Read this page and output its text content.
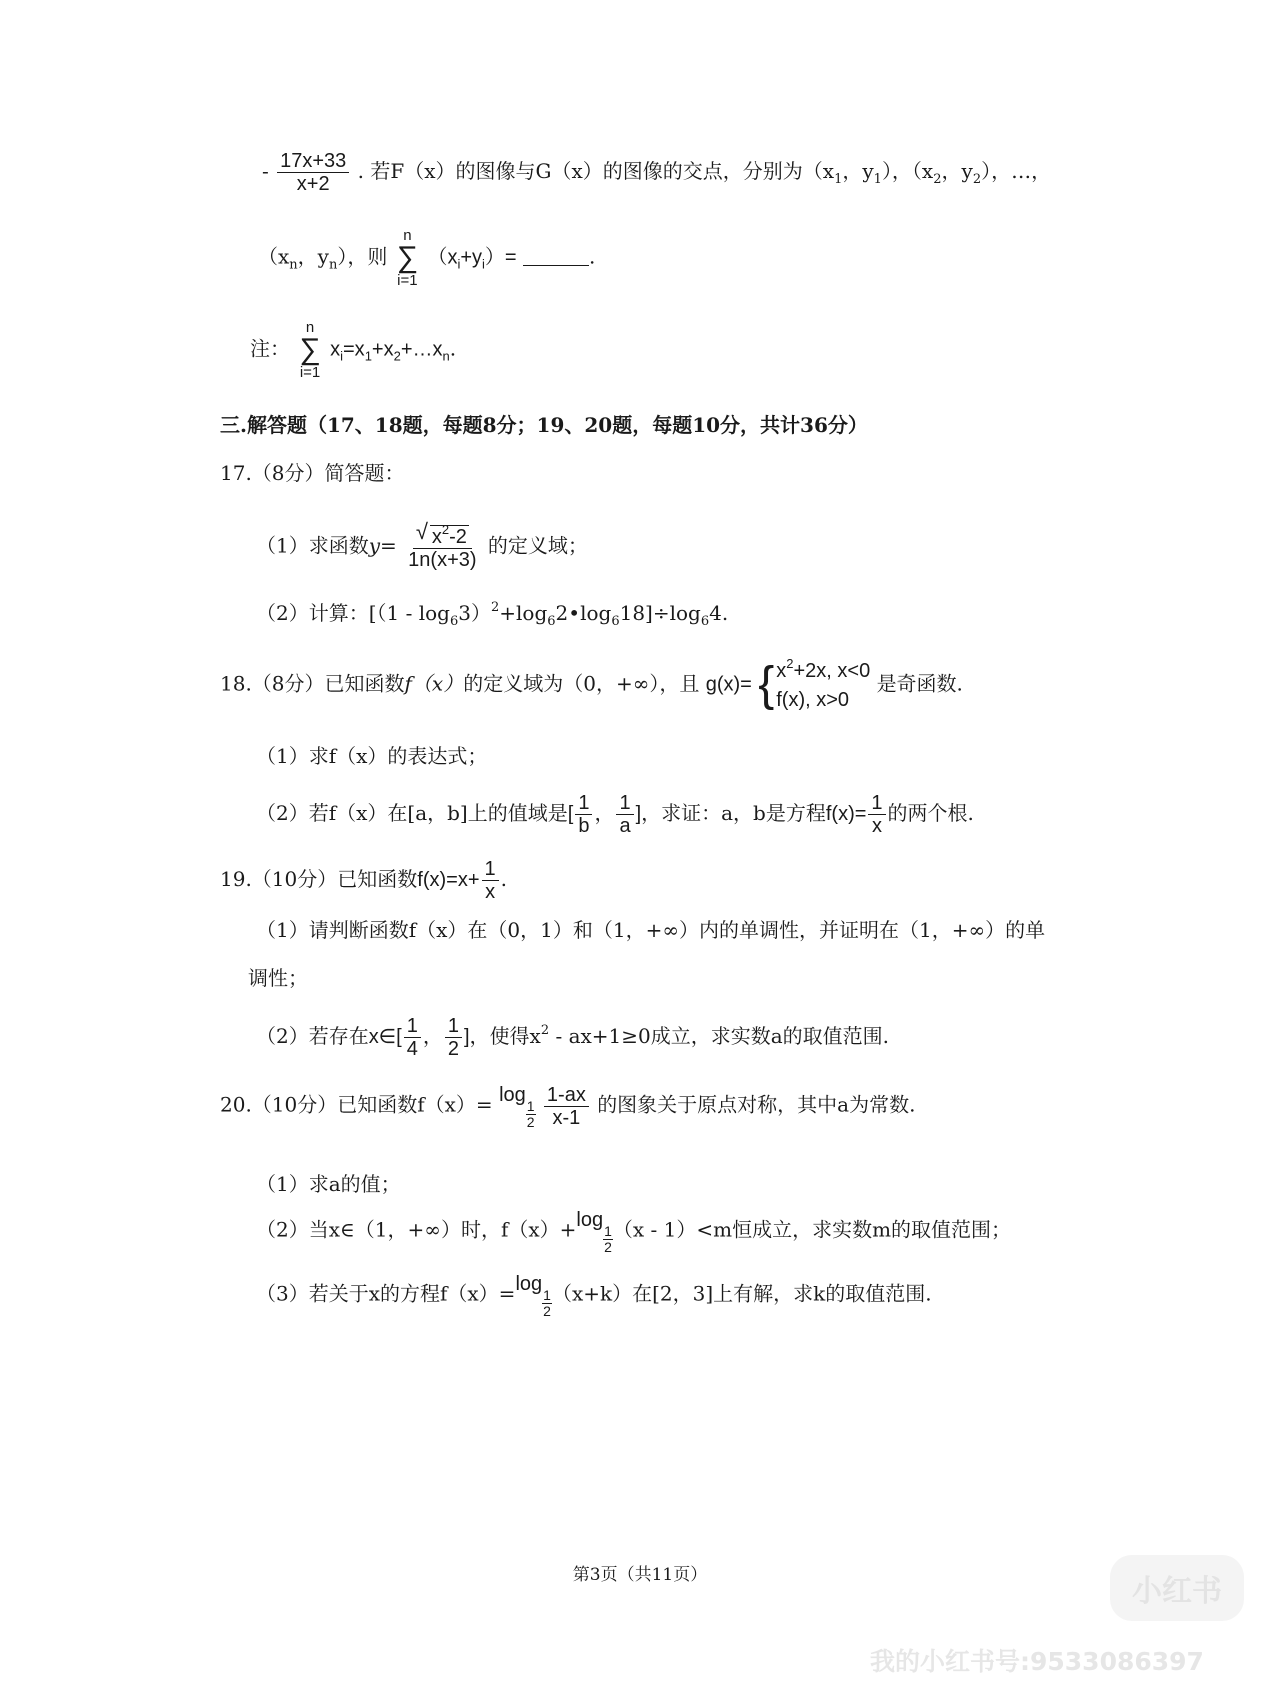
- $\frac{17x+33}{x+2}$ . 若F（x）的图像与G（x）的图像的交点，分别为（$x_1$，$y_1$），（$x_2$，$y_2$），…，
（$x_n$，$y_n$），则
n
∑
i=1
$(x_i+y_i)=$	.
注：
n
∑
i=1
$x_i=x_1+x_2+\dots x_n$.
三.解答题（17、18题，每题8分；19、20题，每题10分，共计36分）
17.（8分）简答题：
（1）求函数$y= \frac{√ x^2-2}{1n(x+3)}$ 的定义域；
（2）计算：$[(1 - \log_63)^2+\log_62•\log_618]\div\log_64$.
18.（8分）已知函数f（x）的定义域为（0，+∞），且 g(x)= { $x^2+2x$, x<0
f(x), x>0
是奇函数.
（1）求f（x）的表达式；
（2）若f（x）在[a，b]上的值域是[ $\frac{1}{b}$ ， $\frac{1}{a}$ ]，求证：a，b是方程$f(x)= \frac{1}{x}$ 的两个根.
19.（10分）已知函数$f(x)=x+ \frac{1}{x}$ .
（1）请判断函数f（x）在（0，1）和（1，+∞）内的单调性，并证明在（1，+∞）的单
调性；
（2）若存在x∈[ $\frac{1}{4}$ ， $\frac{1}{2}$ ]，使得$x^2 - ax+1\ge 0$成立，求实数a的取值范围.
20.（10分）已知函数f（x）= log
$\frac{1}{2}$
$\frac{1-ax}{x-1}$ 的图象关于原点对称，其中a为常数.
（1）求a的值；
（2）当x∈（1，+∞）时，f（x）+ log
$\frac{1}{2} (x - 1)<m$恒成立，求实数m的取值范围；
（3）若关于x的方程f（x）= log
$\frac{1}{2} (x+k)$在[2，3]上有解，求k的取值范围.
第3页（共11页）	小红书
我的小红书号:9533086397
